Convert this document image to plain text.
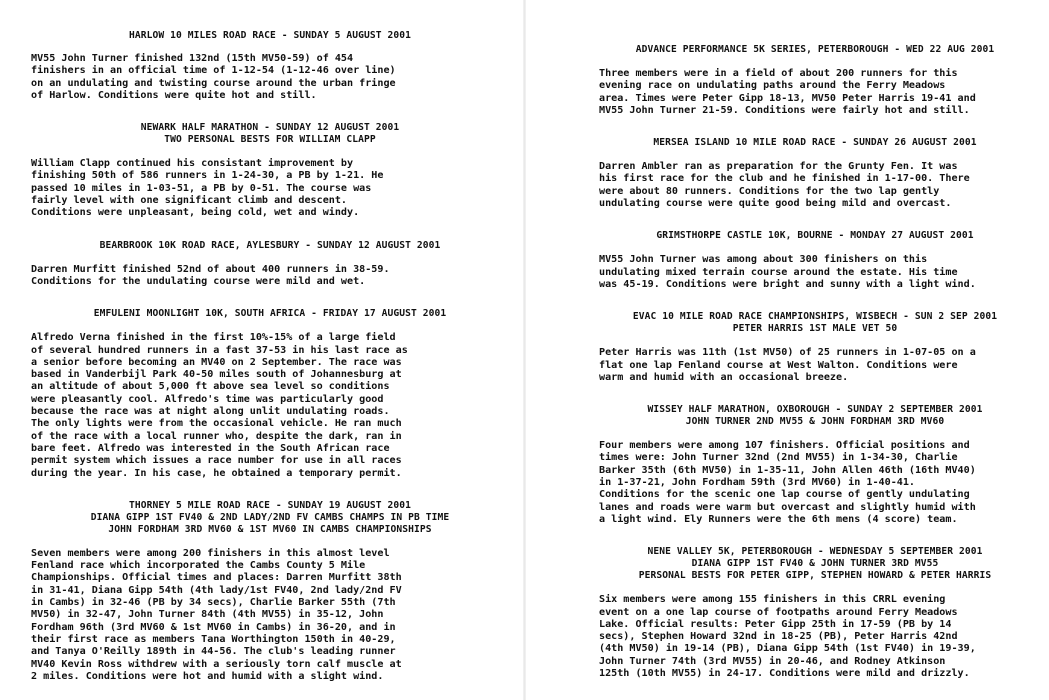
HARLOW 10 MILES ROAD RACE - SUNDAY 5 AUGUST 2001
MV55 John Turner finished 132nd (15th MV50-59) of 454
finishers in an official time of 1-12-54 (1-12-46 over line)
on an undulating and twisting course around the urban fringe
of Harlow. Conditions were quite hot and still.
NEWARK HALF MARATHON - SUNDAY 12 AUGUST 2001
TWO PERSONAL BESTS FOR WILLIAM CLAPP
William Clapp continued his consistant improvement by
finishing 50th of 586 runners in 1-24-30, a PB by 1-21. He
passed 10 miles in 1-03-51, a PB by 0-51. The course was
fairly level with one significant climb and descent.
Conditions were unpleasant, being cold, wet and windy.
BEARBROOK 10K ROAD RACE, AYLESBURY - SUNDAY 12 AUGUST 2001
Darren Murfitt finished 52nd of about 400 runners in 38-59.
Conditions for the undulating course were mild and wet.
EMFULENI MOONLIGHT 10K, SOUTH AFRICA - FRIDAY 17 AUGUST 2001
Alfredo Verna finished in the first 10%-15% of a large field
of several hundred runners in a fast 37-53 in his last race as
a senior before becoming an MV40 on 2 September. The race was
based in Vanderbijl Park 40-50 miles south of Johannesburg at
an altitude of about 5,000 ft above sea level so conditions
were pleasantly cool. Alfredo's time was particularly good
because the race was at night along unlit undulating roads.
The only lights were from the occasional vehicle. He ran much
of the race with a local runner who, despite the dark, ran in
bare feet. Alfredo was interested in the South African race
permit system which issues a race number for use in all races
during the year. In his case, he obtained a temporary permit.
THORNEY 5 MILE ROAD RACE - SUNDAY 19 AUGUST 2001
DIANA GIPP 1ST FV40 & 2ND LADY/2ND FV CAMBS CHAMPS IN PB TIME
JOHN FORDHAM 3RD MV60 & 1ST MV60 IN CAMBS CHAMPIONSHIPS
Seven members were among 200 finishers in this almost level
Fenland race which incorporated the Cambs County 5 Mile
Championships. Official times and places: Darren Murfitt 38th
in 31-41, Diana Gipp 54th (4th lady/1st FV40, 2nd lady/2nd FV
in Cambs) in 32-46 (PB by 34 secs), Charlie Barker 55th (7th
MV50) in 32-47, John Turner 84th (4th MV55) in 35-12, John
Fordham 96th (3rd MV60 & 1st MV60 in Cambs) in 36-20, and in
their first race as members Tana Worthington 150th in 40-29,
and Tanya O'Reilly 189th in 44-56. The club's leading runner
MV40 Kevin Ross withdrew with a seriously torn calf muscle at
2 miles. Conditions were hot and humid with a slight wind.
ADVANCE PERFORMANCE 5K SERIES, PETERBOROUGH - WED 22 AUG 2001
Three members were in a field of about 200 runners for this
evening race on undulating paths around the Ferry Meadows
area. Times were Peter Gipp 18-13, MV50 Peter Harris 19-41 and
MV55 John Turner 21-59. Conditions were fairly hot and still.
MERSEA ISLAND 10 MILE ROAD RACE - SUNDAY 26 AUGUST 2001
Darren Ambler ran as preparation for the Grunty Fen. It was
his first race for the club and he finished in 1-17-00. There
were about 80 runners. Conditions for the two lap gently
undulating course were quite good being mild and overcast.
GRIMSTHORPE CASTLE 10K, BOURNE - MONDAY 27 AUGUST 2001
MV55 John Turner was among about 300 finishers on this
undulating mixed terrain course around the estate. His time
was 45-19. Conditions were bright and sunny with a light wind.
EVAC 10 MILE ROAD RACE CHAMPIONSHIPS, WISBECH - SUN 2 SEP 2001
PETER HARRIS 1ST MALE VET 50
Peter Harris was 11th (1st MV50) of 25 runners in 1-07-05 on a
flat one lap Fenland course at West Walton. Conditions were
warm and humid with an occasional breeze.
WISSEY HALF MARATHON, OXBOROUGH - SUNDAY 2 SEPTEMBER 2001
JOHN TURNER 2ND MV55 & JOHN FORDHAM 3RD MV60
Four members were among 107 finishers. Official positions and
times were: John Turner 32nd (2nd MV55) in 1-34-30, Charlie
Barker 35th (6th MV50) in 1-35-11, John Allen 46th (16th MV40)
in 1-37-21, John Fordham 59th (3rd MV60) in 1-40-41.
Conditions for the scenic one lap course of gently undulating
lanes and roads were warm but overcast and slightly humid with
a light wind. Ely Runners were the 6th mens (4 score) team.
NENE VALLEY 5K, PETERBOROUGH - WEDNESDAY 5 SEPTEMBER 2001
DIANA GIPP 1ST FV40 & JOHN TURNER 3RD MV55
PERSONAL BESTS FOR PETER GIPP, STEPHEN HOWARD & PETER HARRIS
Six members were among 155 finishers in this CRRL evening
event on a one lap course of footpaths around Ferry Meadows
Lake. Official results: Peter Gipp 25th in 17-59 (PB by 14
secs), Stephen Howard 32nd in 18-25 (PB), Peter Harris 42nd
(4th MV50) in 19-14 (PB), Diana Gipp 54th (1st FV40) in 19-39,
John Turner 74th (3rd MV55) in 20-46, and Rodney Atkinson
125th (10th MV55) in 24-17. Conditions were mild and drizzly.
